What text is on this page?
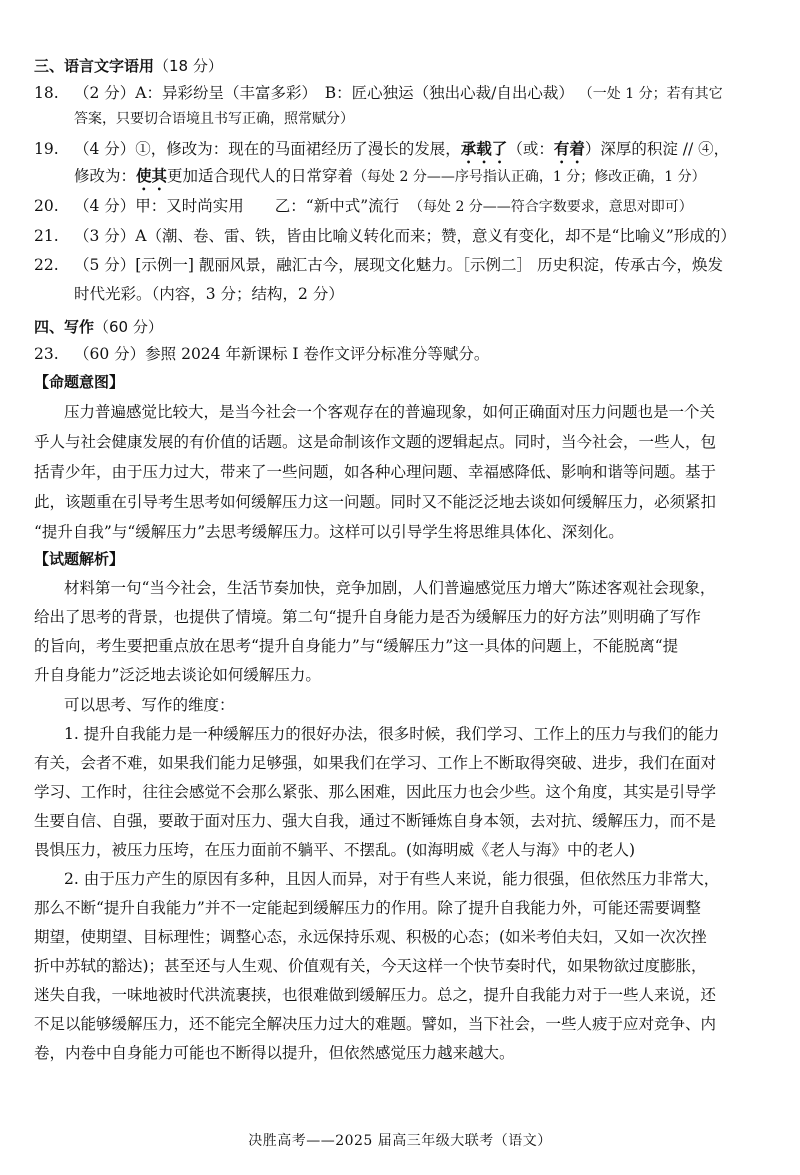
三、语言文字语用（18 分）
18. （2 分）A：异彩纷呈（丰富多彩）　B：匠心独运（独出心裁/自出心裁） （一处 1 分；若有其它
答案，只要切合语境且书写正确，照常赋分）
19. （4 分）①，修改为：现在的马面裙经历了漫长的发展，承载了（或：有着）深厚的积淀 // ④，
修改为：使其更加适合现代人的日常穿着（每处 2 分——序号指认正确，1 分；修改正确，1 分）
20. （4 分）甲：又时尚实用　　乙：“新中式”流行 （每处 2 分——符合字数要求，意思对即可）
21. （3 分）A（潮、卷、雷、铁，皆由比喻义转化而来；赞，意义有变化，却不是“比喻义”形成的）
22. （5 分）[示例一] 靓丽风景，融汇古今，展现文化魅力。［示例二］ 历史积淀，传承古今，焕发
时代光彩。（内容，3 分；结构，2 分）
四、写作（60 分）
23. （60 分）参照 2024 年新课标 I 卷作文评分标准分等赋分。
【命题意图】
压力普遍感觉比较大，是当今社会一个客观存在的普遍现象，如何正确面对压力问题也是一个关
乎人与社会健康发展的有价值的话题。这是命制该作文题的逻辑起点。同时，当今社会，一些人，包
括青少年，由于压力过大，带来了一些问题，如各种心理问题、幸福感降低、影响和谐等问题。基于
此，该题重在引导考生思考如何缓解压力这一问题。同时又不能泛泛地去谈如何缓解压力，必须紧扣
“提升自我”与“缓解压力”去思考缓解压力。这样可以引导学生将思维具体化、深刻化。
【试题解析】
材料第一句“当今社会，生活节奏加快，竞争加剧，人们普遍感觉压力增大”陈述客观社会现象，
给出了思考的背景，也提供了情境。第二句“提升自身能力是否为缓解压力的好方法”则明确了写作
的旨向，考生要把重点放在思考“提升自身能力”与“缓解压力”这一具体的问题上，不能脱离“提
升自身能力”泛泛地去谈论如何缓解压力。
可以思考、写作的维度：
1. 提升自我能力是一种缓解压力的很好办法，很多时候，我们学习、工作上的压力与我们的能力
有关，会者不难，如果我们能力足够强，如果我们在学习、工作上不断取得突破、进步，我们在面对
学习、工作时，往往会感觉不会那么紧张、那么困难，因此压力也会少些。这个角度，其实是引导学
生要自信、自强，要敢于面对压力、强大自我，通过不断锤炼自身本领，去对抗、缓解压力，而不是
畏惧压力，被压力压垮，在压力面前不躺平、不摆乱。(如海明威《老人与海》中的老人)
2. 由于压力产生的原因有多种，且因人而异，对于有些人来说，能力很强，但依然压力非常大，
那么不断“提升自我能力”并不一定能起到缓解压力的作用。除了提升自我能力外，可能还需要调整
期望，使期望、目标理性；调整心态，永远保持乐观、积极的心态；(如米考伯夫妇，又如一次次挫
折中苏轼的豁达)；甚至还与人生观、价值观有关，今天这样一个快节奏时代，如果物欲过度膨胀，
迷失自我，一味地被时代洪流裹挟，也很难做到缓解压力。总之，提升自我能力对于一些人来说，还
不足以能够缓解压力，还不能完全解决压力过大的难题。譬如，当下社会，一些人疲于应对竞争、内
卷，内卷中自身能力可能也不断得以提升，但依然感觉压力越来越大。
决胜高考——2025 届高三年级大联考（语文）
